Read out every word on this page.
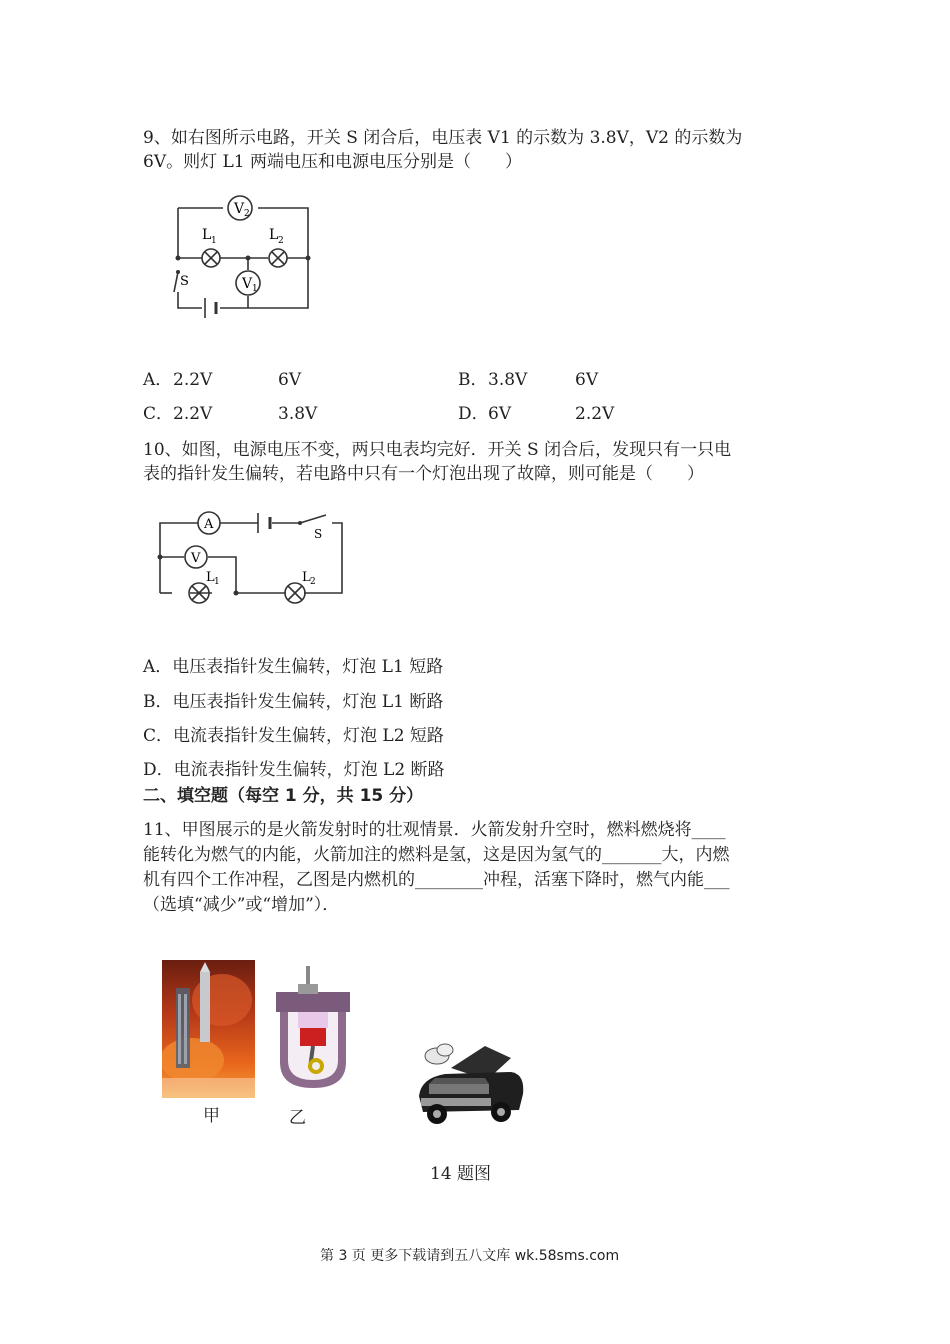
9、如右图所示电路，开关 S 闭合后，电压表 V1 的示数为 3.8V，V2 的示数为
6V。则灯 L1 两端电压和电源电压分别是（　　）
V 2
L 1	L 2
V 1
S
A． 2.2V	6V	B． 3.8V	6V
C． 2.2V	3.8V	D． 6V	2.2V
10、如图，电源电压不变，两只电表均完好．开关 S 闭合后，发现只有一只电
表的指针发生偏转，若电路中只有一个灯泡出现了故障，则可能是（　　）
A
V
L 1	L 2
S
A．电压表指针发生偏转，灯泡 L1 短路
B．电压表指针发生偏转，灯泡 L1 断路
C．电流表指针发生偏转，灯泡 L2 短路
D．电流表指针发生偏转，灯泡 L2 断路
二、填空题（每空 1 分，共 15 分）
11、甲图展示的是火箭发射时的壮观情景．火箭发射升空时，燃料燃烧将____
能转化为燃气的内能，火箭加注的燃料是氢，这是因为氢气的_______大，内燃
机有四个工作冲程，乙图是内燃机的________冲程，活塞下降时，燃气内能___
（选填“减少”或“增加”）．
甲	乙
14 题图
第 3 页 更多下载请到五八文库 wk.58sms.com
